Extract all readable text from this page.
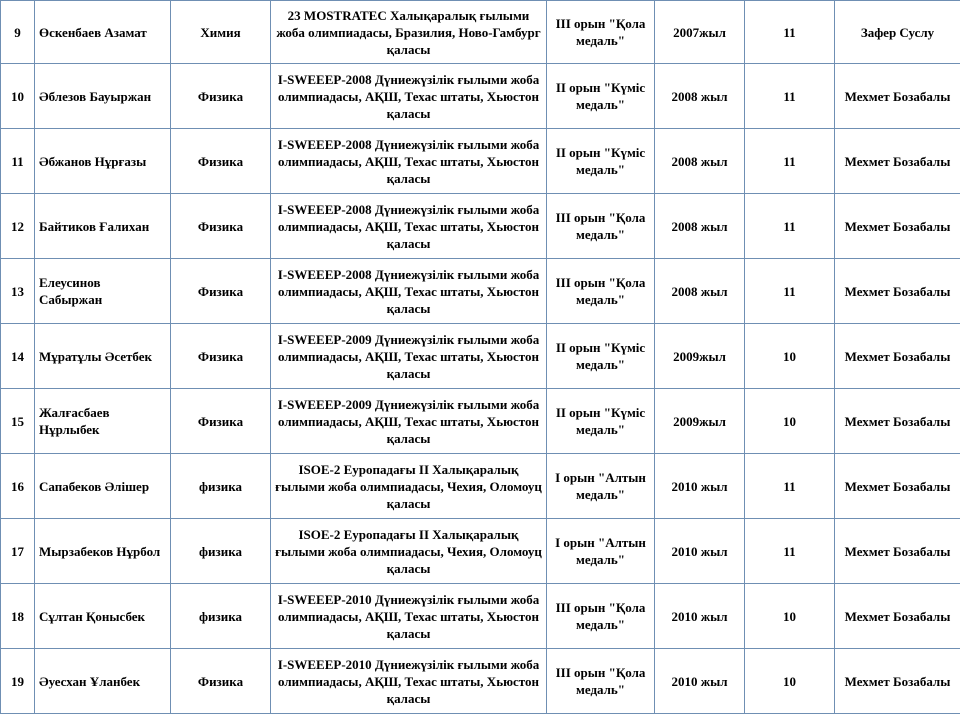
9	Өскенбаев Азамат	Химия	23 MOSTRATEC Халықаралық ғылыми жоба олимпиадасы, Бразилия, Ново-Гамбург қаласы	III орын "Қола медаль"	2007жыл	11	Зафер Суслу
10	Әблезов Бауыржан	Физика	I-SWEEEP-2008 Дүниежүзілік ғылыми жоба олимпиадасы, АҚШ, Техас штаты, Хьюстон қаласы	II орын "Күміс медаль"	2008 жыл	11	Мехмет Бозабалы
11	Әбжанов Нұрғазы	Физика	I-SWEEEP-2008 Дүниежүзілік ғылыми жоба олимпиадасы, АҚШ, Техас штаты, Хьюстон қаласы	II орын "Күміс медаль"	2008 жыл	11	Мехмет Бозабалы
12	Байтиков Ғалихан	Физика	I-SWEEEP-2008 Дүниежүзілік ғылыми жоба олимпиадасы, АҚШ, Техас штаты, Хьюстон қаласы	III орын "Қола медаль"	2008 жыл	11	Мехмет Бозабалы
13	Елеусинов Сабыржан	Физика	I-SWEEEP-2008 Дүниежүзілік ғылыми жоба олимпиадасы, АҚШ, Техас штаты, Хьюстон қаласы	III орын "Қола медаль"	2008 жыл	11	Мехмет Бозабалы
14	Мұратұлы Әсетбек	Физика	I-SWEEEP-2009 Дүниежүзілік ғылыми жоба олимпиадасы, АҚШ, Техас штаты, Хьюстон қаласы	II орын "Күміс медаль"	2009жыл	10	Мехмет Бозабалы
15	Жалғасбаев Нұрлыбек	Физика	I-SWEEEP-2009 Дүниежүзілік ғылыми жоба олимпиадасы, АҚШ, Техас штаты, Хьюстон қаласы	II орын "Күміс медаль"	2009жыл	10	Мехмет Бозабалы
16	Сапабеков Әлішер	физика	ISOE-2 Еуропадағы II Халықаралық ғылыми жоба олимпиадасы, Чехия, Оломоуц қаласы	I орын "Алтын медаль"	2010 жыл	11	Мехмет Бозабалы
17	Мырзабеков Нұрбол	физика	ISOE-2 Еуропадағы II Халықаралық ғылыми жоба олимпиадасы, Чехия, Оломоуц қаласы	I орын "Алтын медаль"	2010 жыл	11	Мехмет Бозабалы
18	Сұлтан Қонысбек	физика	I-SWEEEP-2010 Дүниежүзілік ғылыми жоба олимпиадасы, АҚШ, Техас штаты, Хьюстон қаласы	III орын "Қола медаль"	2010 жыл	10	Мехмет Бозабалы
19	Әуесхан Ұланбек	Физика	I-SWEEEP-2010 Дүниежүзілік ғылыми жоба олимпиадасы, АҚШ, Техас штаты, Хьюстон қаласы	III орын "Қола медаль"	2010 жыл	10	Мехмет Бозабалы
